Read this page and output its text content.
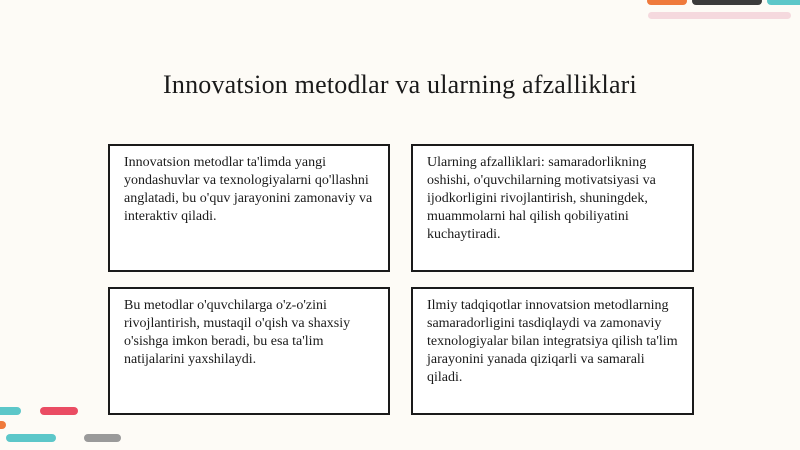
Innovatsion metodlar va ularning afzalliklari
Innovatsion metodlar ta'limda yangi yondashuvlar va texnologiyalarni qo'llashni anglatadi, bu o'quv jarayonini zamonaviy va interaktiv qiladi.
Ularning afzalliklari: samaradorlikning oshishi, o'quvchilarning motivatsiyasi va ijodkorligini rivojlantirish, shuningdek, muammolarni hal qilish qobiliyatini kuchaytiradi.
Bu metodlar o'quvchilarga o'z-o'zini rivojlantirish, mustaqil o'qish va shaxsiy o'sishga imkon beradi, bu esa ta'lim natijalarini yaxshilaydi.
Ilmiy tadqiqotlar innovatsion metodlarning samaradorligini tasdiqlaydi va zamonaviy texnologiyalar bilan integratsiya qilish ta'lim jarayonini yanada qiziqarli va samarali qiladi.
